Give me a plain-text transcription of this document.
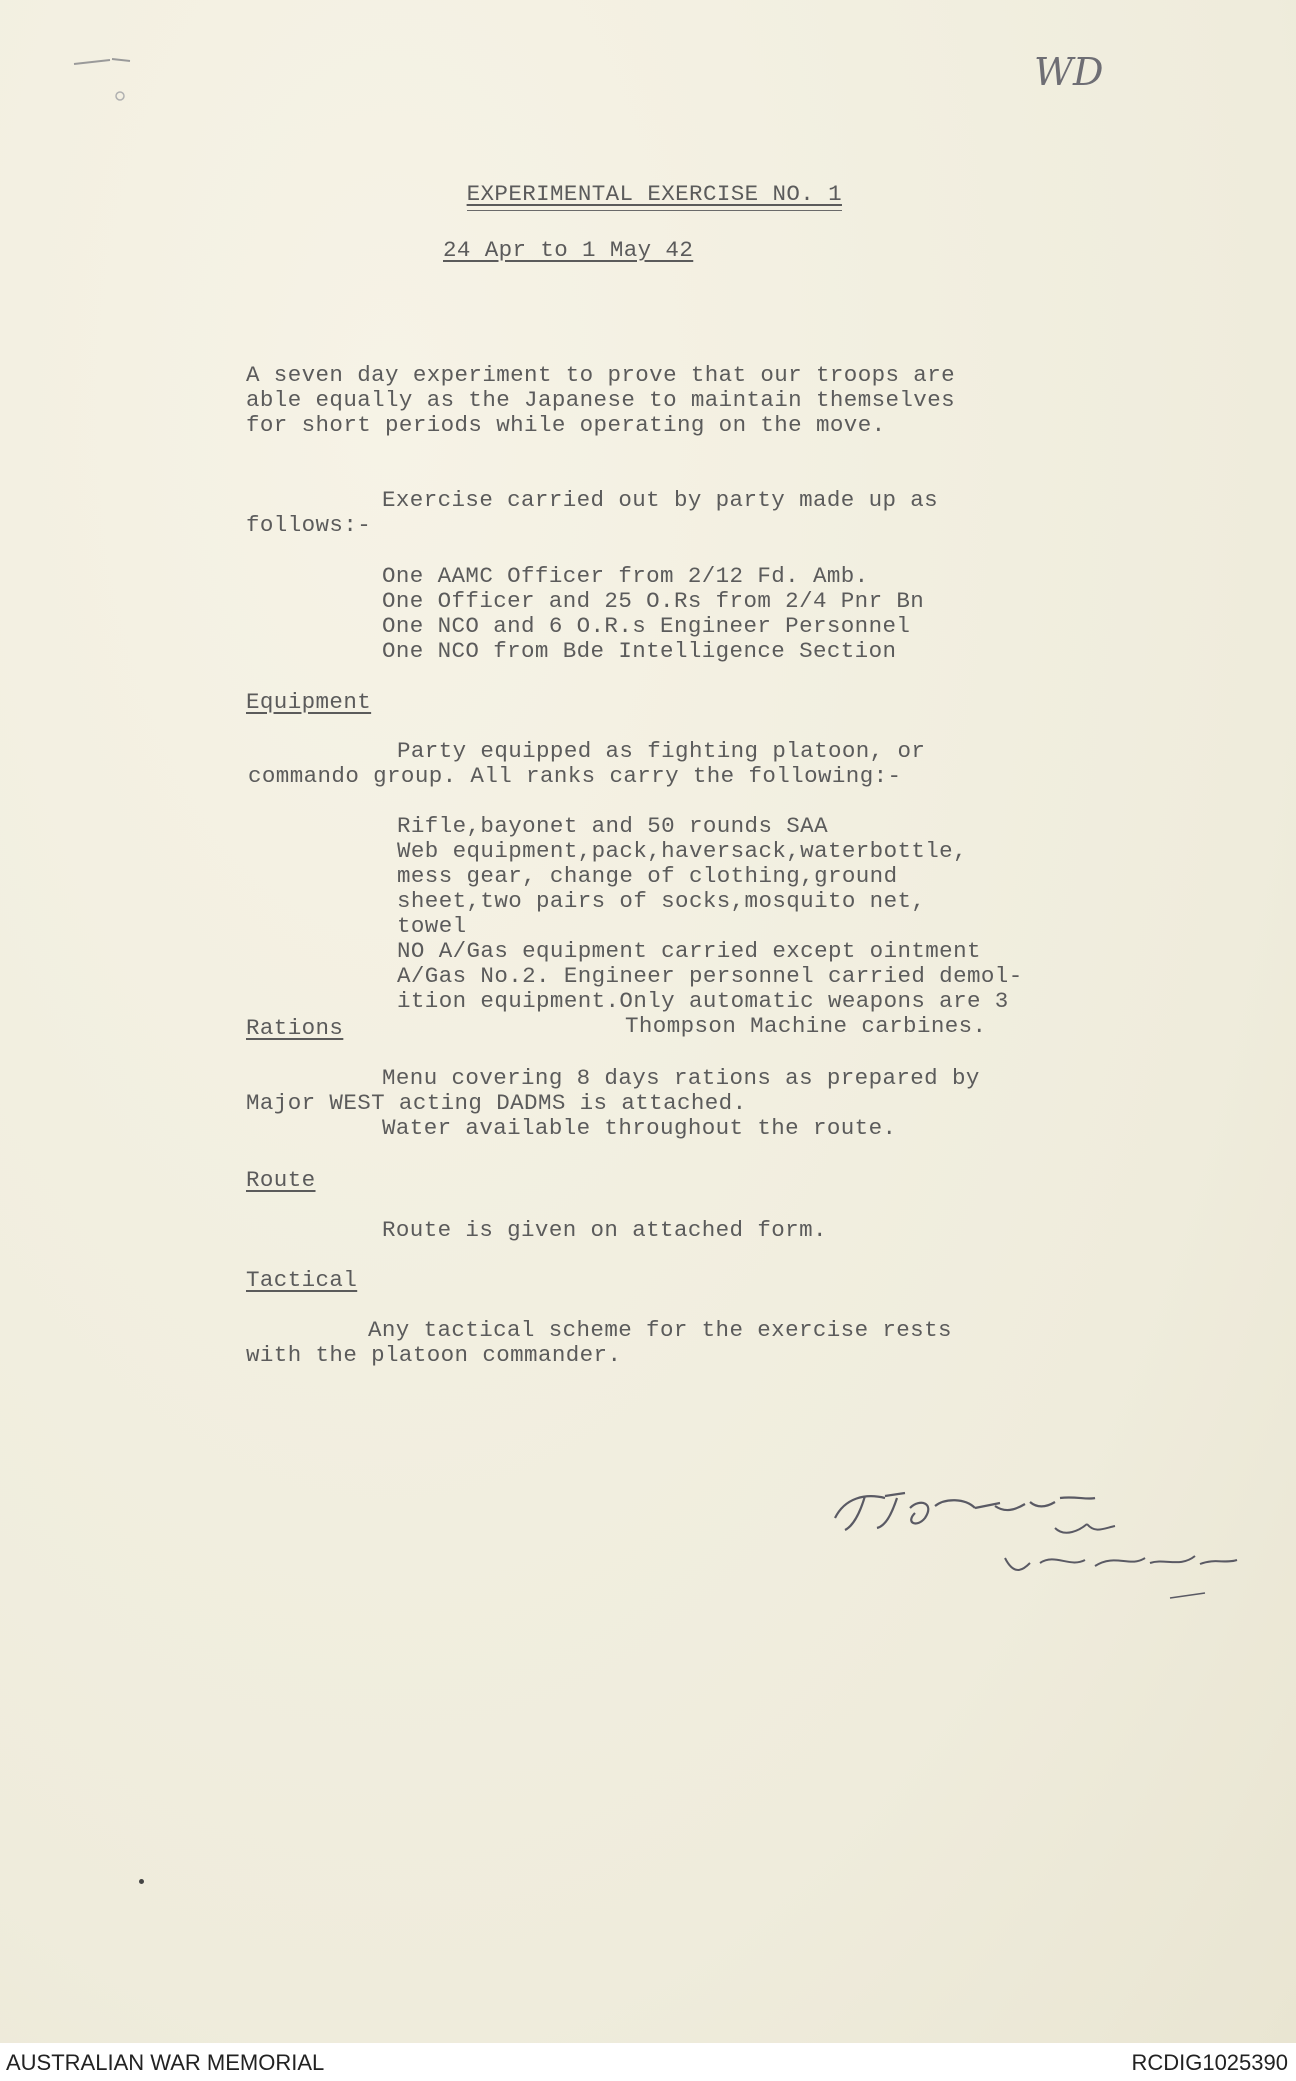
WD

EXPERIMENTAL EXERCISE NO. 1

24 Apr to 1 May 42
A seven day experiment to prove that our troops are
able equally as the Japanese to maintain themselves
for short periods while operating on the move.
Exercise carried out by party made up as
follows:-
One AAMC Officer from 2/12 Fd. Amb.
One Officer and 25 O.Rs from 2/4 Pnr Bn
One NCO and 6 O.R.s Engineer Personnel
One NCO from Bde Intelligence Section
Equipment
Party equipped as fighting platoon, or
commando group. All ranks carry the following:-
Rifle,bayonet and 50 rounds SAA
Web equipment,pack,haversack,waterbottle,
mess gear, change of clothing,ground
sheet,two pairs of socks,mosquito net,
towel
NO A/Gas equipment carried except ointment
A/Gas No.2. Engineer personnel carried demol-
ition equipment.Only automatic weapons are 3
Thompson Machine carbines.
Rations
Menu covering 8 days rations as prepared by
Major WEST acting DADMS is attached.
Water available throughout the route.
Route
Route is given on attached form.
Tactical
Any tactical scheme for the exercise rests
with the platoon commander.
AUSTRALIAN WAR MEMORIAL	RCDIG1025390
